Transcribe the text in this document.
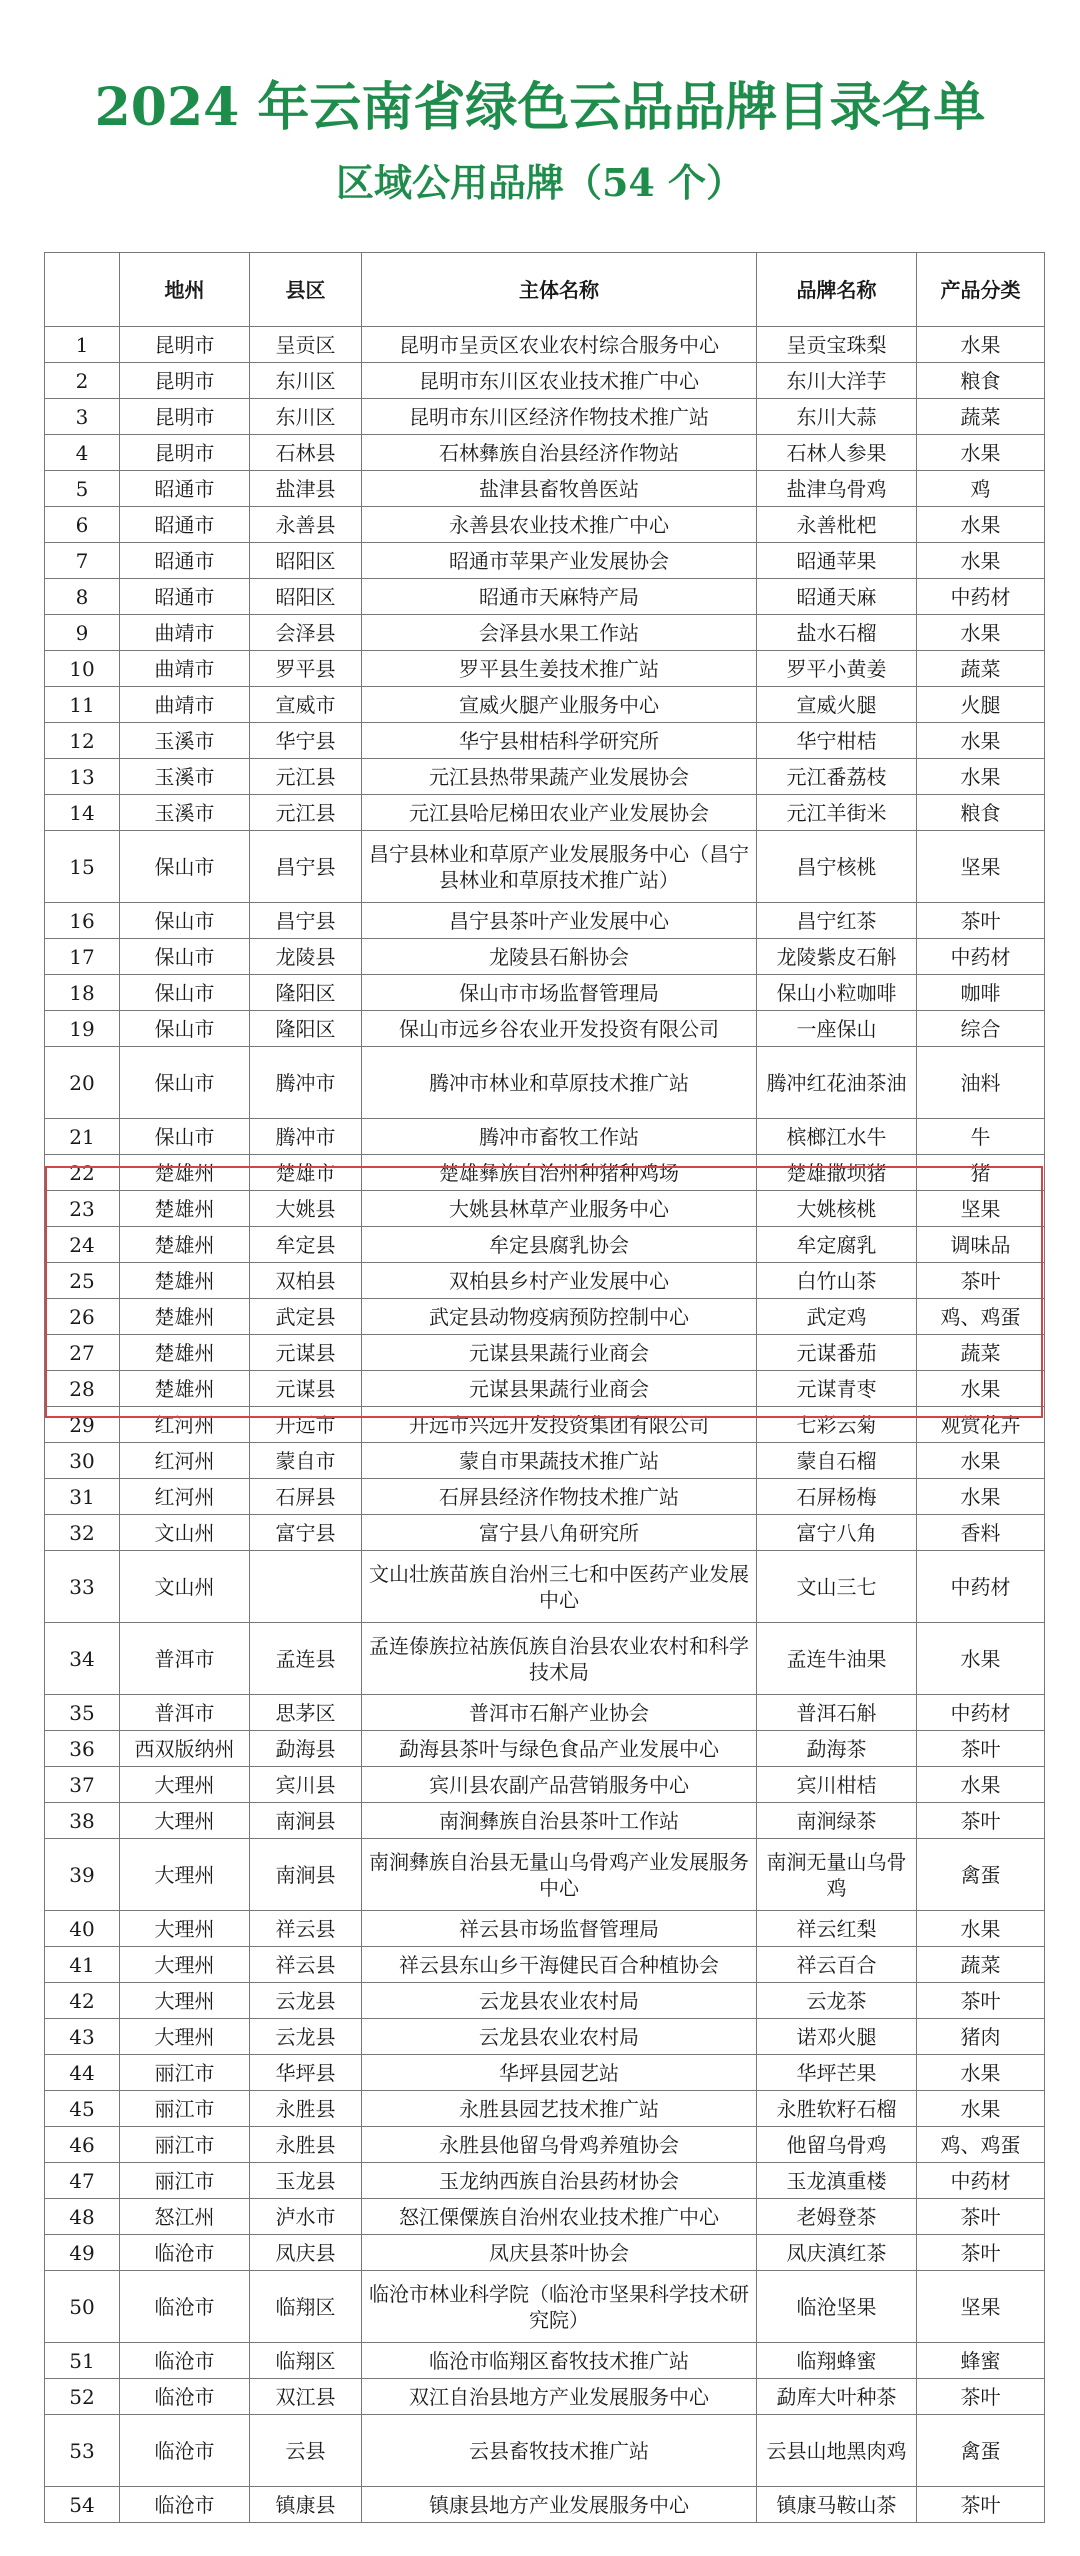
2024 年云南省绿色云品品牌目录名单
区域公用品牌（54 个）
	地州	县区	主体名称	品牌名称	产品分类
1	昆明市	呈贡区	昆明市呈贡区农业农村综合服务中心	呈贡宝珠梨	水果
2	昆明市	东川区	昆明市东川区农业技术推广中心	东川大洋芋	粮食
3	昆明市	东川区	昆明市东川区经济作物技术推广站	东川大蒜	蔬菜
4	昆明市	石林县	石林彝族自治县经济作物站	石林人参果	水果
5	昭通市	盐津县	盐津县畜牧兽医站	盐津乌骨鸡	鸡
6	昭通市	永善县	永善县农业技术推广中心	永善枇杷	水果
7	昭通市	昭阳区	昭通市苹果产业发展协会	昭通苹果	水果
8	昭通市	昭阳区	昭通市天麻特产局	昭通天麻	中药材
9	曲靖市	会泽县	会泽县水果工作站	盐水石榴	水果
10	曲靖市	罗平县	罗平县生姜技术推广站	罗平小黄姜	蔬菜
11	曲靖市	宣威市	宣威火腿产业服务中心	宣威火腿	火腿
12	玉溪市	华宁县	华宁县柑桔科学研究所	华宁柑桔	水果
13	玉溪市	元江县	元江县热带果蔬产业发展协会	元江番荔枝	水果
14	玉溪市	元江县	元江县哈尼梯田农业产业发展协会	元江羊街米	粮食
15	保山市	昌宁县	昌宁县林业和草原产业发展服务中心（昌宁县林业和草原技术推广站）	昌宁核桃	坚果
16	保山市	昌宁县	昌宁县茶叶产业发展中心	昌宁红茶	茶叶
17	保山市	龙陵县	龙陵县石斛协会	龙陵紫皮石斛	中药材
18	保山市	隆阳区	保山市市场监督管理局	保山小粒咖啡	咖啡
19	保山市	隆阳区	保山市远乡谷农业开发投资有限公司	一座保山	综合
20	保山市	腾冲市	腾冲市林业和草原技术推广站	腾冲红花油茶油	油料
21	保山市	腾冲市	腾冲市畜牧工作站	槟榔江水牛	牛
22	楚雄州	楚雄市	楚雄彝族自治州种猪种鸡场	楚雄撒坝猪	猪
23	楚雄州	大姚县	大姚县林草产业服务中心	大姚核桃	坚果
24	楚雄州	牟定县	牟定县腐乳协会	牟定腐乳	调味品
25	楚雄州	双柏县	双柏县乡村产业发展中心	白竹山茶	茶叶
26	楚雄州	武定县	武定县动物疫病预防控制中心	武定鸡	鸡、鸡蛋
27	楚雄州	元谋县	元谋县果蔬行业商会	元谋番茄	蔬菜
28	楚雄州	元谋县	元谋县果蔬行业商会	元谋青枣	水果
29	红河州	开远市	开远市兴远开发投资集团有限公司	七彩云菊	观赏花卉
30	红河州	蒙自市	蒙自市果蔬技术推广站	蒙自石榴	水果
31	红河州	石屏县	石屏县经济作物技术推广站	石屏杨梅	水果
32	文山州	富宁县	富宁县八角研究所	富宁八角	香料
33	文山州		文山壮族苗族自治州三七和中医药产业发展中心	文山三七	中药材
34	普洱市	孟连县	孟连傣族拉祜族佤族自治县农业农村和科学技术局	孟连牛油果	水果
35	普洱市	思茅区	普洱市石斛产业协会	普洱石斛	中药材
36	西双版纳州	勐海县	勐海县茶叶与绿色食品产业发展中心	勐海茶	茶叶
37	大理州	宾川县	宾川县农副产品营销服务中心	宾川柑桔	水果
38	大理州	南涧县	南涧彝族自治县茶叶工作站	南涧绿茶	茶叶
39	大理州	南涧县	南涧彝族自治县无量山乌骨鸡产业发展服务中心	南涧无量山乌骨鸡	禽蛋
40	大理州	祥云县	祥云县市场监督管理局	祥云红梨	水果
41	大理州	祥云县	祥云县东山乡干海健民百合种植协会	祥云百合	蔬菜
42	大理州	云龙县	云龙县农业农村局	云龙茶	茶叶
43	大理州	云龙县	云龙县农业农村局	诺邓火腿	猪肉
44	丽江市	华坪县	华坪县园艺站	华坪芒果	水果
45	丽江市	永胜县	永胜县园艺技术推广站	永胜软籽石榴	水果
46	丽江市	永胜县	永胜县他留乌骨鸡养殖协会	他留乌骨鸡	鸡、鸡蛋
47	丽江市	玉龙县	玉龙纳西族自治县药材协会	玉龙滇重楼	中药材
48	怒江州	泸水市	怒江傈僳族自治州农业技术推广中心	老姆登茶	茶叶
49	临沧市	凤庆县	凤庆县茶叶协会	凤庆滇红茶	茶叶
50	临沧市	临翔区	临沧市林业科学院（临沧市坚果科学技术研究院）	临沧坚果	坚果
51	临沧市	临翔区	临沧市临翔区畜牧技术推广站	临翔蜂蜜	蜂蜜
52	临沧市	双江县	双江自治县地方产业发展服务中心	勐库大叶种茶	茶叶
53	临沧市	云县	云县畜牧技术推广站	云县山地黑肉鸡	禽蛋
54	临沧市	镇康县	镇康县地方产业发展服务中心	镇康马鞍山茶	茶叶
